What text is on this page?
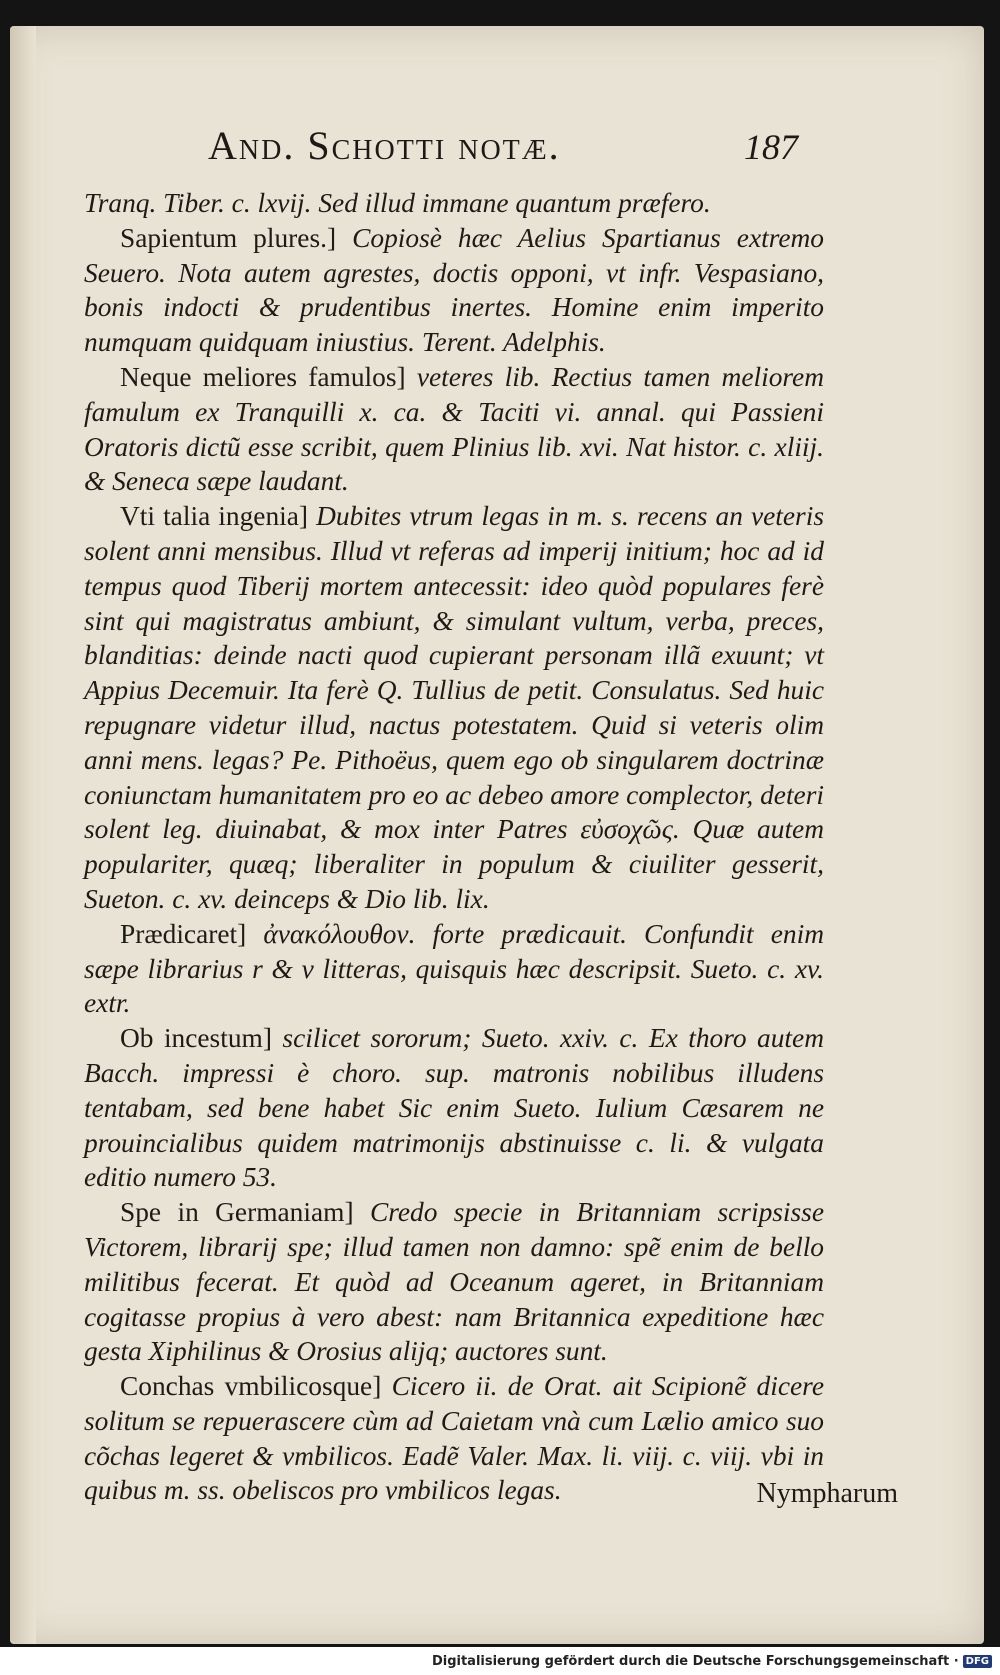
And. Schotti notæ.	187

Tranq. Tiber. c. lxvij. Sed illud immane quantum præfero.

Sapientum plures.] Copiosè hæc Aelius Spartianus extremo Seuero. Nota autem agrestes, doctis opponi, vt infr. Vespasiano, bonis indocti & prudentibus inertes. Homine enim imperito numquam quidquam iniustius. Terent. Adelphis.

Neque meliores famulos] veteres lib. Rectius tamen meliorem famulum ex Tranquilli x. ca. & Taciti vi. annal. qui Passieni Oratoris dictũ esse scribit, quem Plinius lib. xvi. Nat histor. c. xliij. & Seneca sæpe laudant.

Vti talia ingenia] Dubites vtrum legas in m. s. recens an veteris solent anni mensibus. Illud vt referas ad imperij initium; hoc ad id tempus quod Tiberij mortem antecessit: ideo quòd populares ferè sint qui magistratus ambiunt, & simulant vultum, verba, preces, blanditias: deinde nacti quod cupierant personam illã exuunt; vt Appius Decemuir. Ita ferè Q. Tullius de petit. Consulatus. Sed huic repugnare videtur illud, nactus potestatem. Quid si veteris olim anni mens. legas? Pe. Pithoëus, quem ego ob singularem doctrinæ coniunctam humanitatem pro eo ac debeo amore complector, deteri solent leg. diuinabat, & mox inter Patres εὐσοχῶς. Quæ autem populariter, quæq; liberaliter in populum & ciuiliter gesserit, Sueton. c. xv. deinceps & Dio lib. lix.

Prædicaret] ἀνακόλουθον. forte prædicauit. Confundit enim sæpe librarius r & v litteras, quisquis hæc descripsit. Sueto. c. xv. extr.

Ob incestum] scilicet sororum; Sueto. xxiv. c. Ex thoro autem Bacch. impressi è choro. sup. matronis nobilibus illudens tentabam, sed bene habet Sic enim Sueto. Iulium Cæsarem ne prouincialibus quidem matrimonijs abstinuisse c. li. & vulgata editio numero 53.

Spe in Germaniam] Credo specie in Britanniam scripsisse Victorem, librarij spe; illud tamen non damno: spẽ enim de bello militibus fecerat. Et quòd ad Oceanum ageret, in Britanniam cogitasse propius à vero abest: nam Britannica expeditione hæc gesta Xiphilinus & Orosius alijq; auctores sunt.

Conchas vmbilicosque] Cicero ii. de Orat. ait Scipionẽ dicere solitum se repuerascere cùm ad Caietam vnà cum Lælio amico suo cõchas legeret & vmbilicos. Eadẽ Valer. Max. li. viij. c. viij. vbi in quibus m. ss. obeliscos pro vmbilicos legas.	Nympharum
Digitalisierung gefördert durch die Deutsche Forschungsgemeinschaft · DFG
